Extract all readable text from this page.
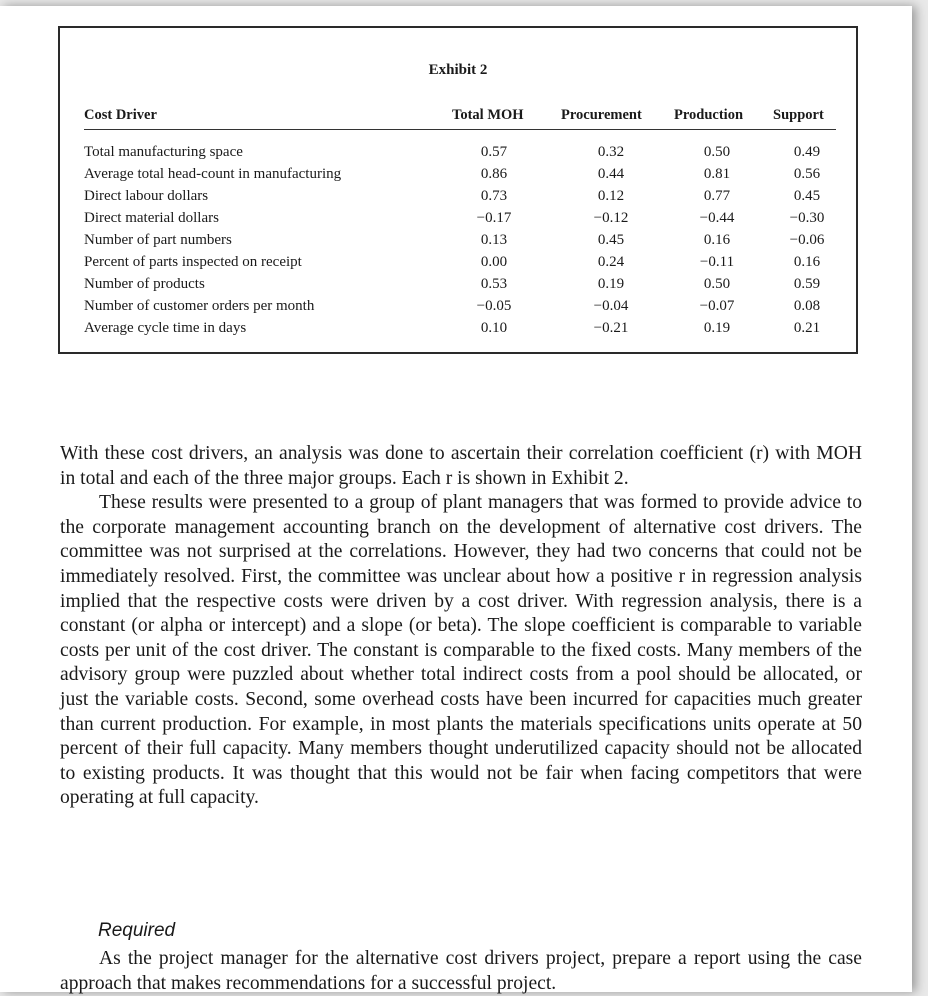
Exhibit 2
Cost Driver	Total MOH	Procurement Production Support
Total manufacturing space	0.57	0.32	0.50	0.49
Average total head-count in manufacturing	0.86	0.44	0.81	0.56
Direct labour dollars	0.73	0.12	0.77	0.45
Direct material dollars	−0.17	−0.12	−0.44	−0.30
Number of part numbers	0.13	0.45	0.16	−0.06
Percent of parts inspected on receipt	0.00	0.24	−0.11	0.16
Number of products	0.53	0.19	0.50	0.59
Number of customer orders per month	−0.05	−0.04	−0.07	0.08
Average cycle time in days	0.10	−0.21	0.19	0.21

With these cost drivers, an analysis was done to ascertain their correlation coefficient (r) with MOH in total and each of the three major groups. Each r is shown in Exhibit 2.

These results were presented to a group of plant managers that was formed to provide advice to the corporate management accounting branch on the development of alternative cost drivers. The committee was not surprised at the correlations. However, they had two concerns that could not be immediately resolved. First, the committee was unclear about how a positive r in regression analysis implied that the respective costs were driven by a cost driver. With regression analysis, there is a constant (or alpha or intercept) and a slope (or beta). The slope coefficient is comparable to variable costs per unit of the cost driver. The constant is comparable to the fixed costs. Many members of the advisory group were puzzled about whether total indirect costs from a pool should be allocated, or just the variable costs. Second, some overhead costs have been incurred for capacities much greater than current production. For example, in most plants the materials specifications units operate at 50 percent of their full capacity. Many members thought underutilized capacity should not be allocated to existing products. It was thought that this would not be fair when facing competitors that were operating at full capacity.

Required
As the project manager for the alternative cost drivers project, prepare a report using the case approach that makes recommendations for a successful project.
